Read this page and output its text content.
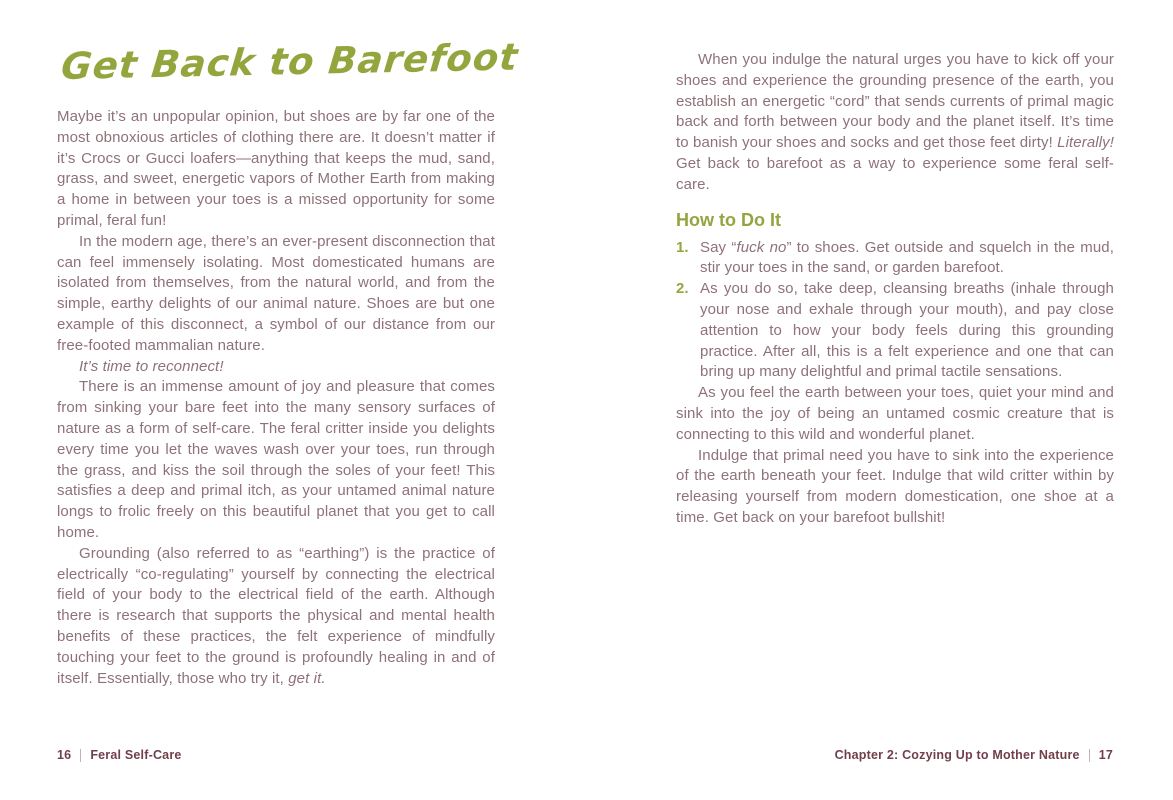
Get Back to Barefoot

Maybe it’s an unpopular opinion, but shoes are by far one of the most obnoxious articles of clothing there are. It doesn’t matter if it’s Crocs or Gucci loafers—anything that keeps the mud, sand, grass, and sweet, energetic vapors of Mother Earth from making a home in between your toes is a missed opportunity for some primal, feral fun!

In the modern age, there’s an ever-present disconnection that can feel immensely isolating. Most domesticated humans are isolated from themselves, from the natural world, and from the simple, earthy delights of our animal nature. Shoes are but one example of this disconnect, a symbol of our distance from our free-footed mammalian nature.

It’s time to reconnect!

There is an immense amount of joy and pleasure that comes from sinking your bare feet into the many sensory surfaces of nature as a form of self-care. The feral critter inside you delights every time you let the waves wash over your toes, run through the grass, and kiss the soil through the soles of your feet! This satisfies a deep and primal itch, as your untamed animal nature longs to frolic freely on this beautiful planet that you get to call home.

Grounding (also referred to as “earthing”) is the practice of electrically “co-regulating” yourself by connecting the electrical field of your body to the electrical field of the earth. Although there is research that supports the physical and mental health benefits of these practices, the felt experience of mindfully touching your feet to the ground is profoundly healing in and of itself. Essentially, those who try it, get it.

When you indulge the natural urges you have to kick off your shoes and experience the grounding presence of the earth, you establish an energetic “cord” that sends currents of primal magic back and forth between your body and the planet itself. It’s time to banish your shoes and socks and get those feet dirty! Literally! Get back to barefoot as a way to experience some feral self-care.

How to Do It
1. Say “fuck no” to shoes. Get outside and squelch in the mud, stir your toes in the sand, or garden barefoot.

2. As you do so, take deep, cleansing breaths (inhale through your nose and exhale through your mouth), and pay close attention to how your body feels during this grounding practice. After all, this is a felt experience and one that can bring up many delightful and primal tactile sensations.

As you feel the earth between your toes, quiet your mind and sink into the joy of being an untamed cosmic creature that is connecting to this wild and wonderful planet.

Indulge that primal need you have to sink into the experience of the earth beneath your feet. Indulge that wild critter within by releasing yourself from modern domestication, one shoe at a time. Get back on your barefoot bullshit!

16 Feral Self-Care	Chapter 2: Cozying Up to Mother Nature 17
